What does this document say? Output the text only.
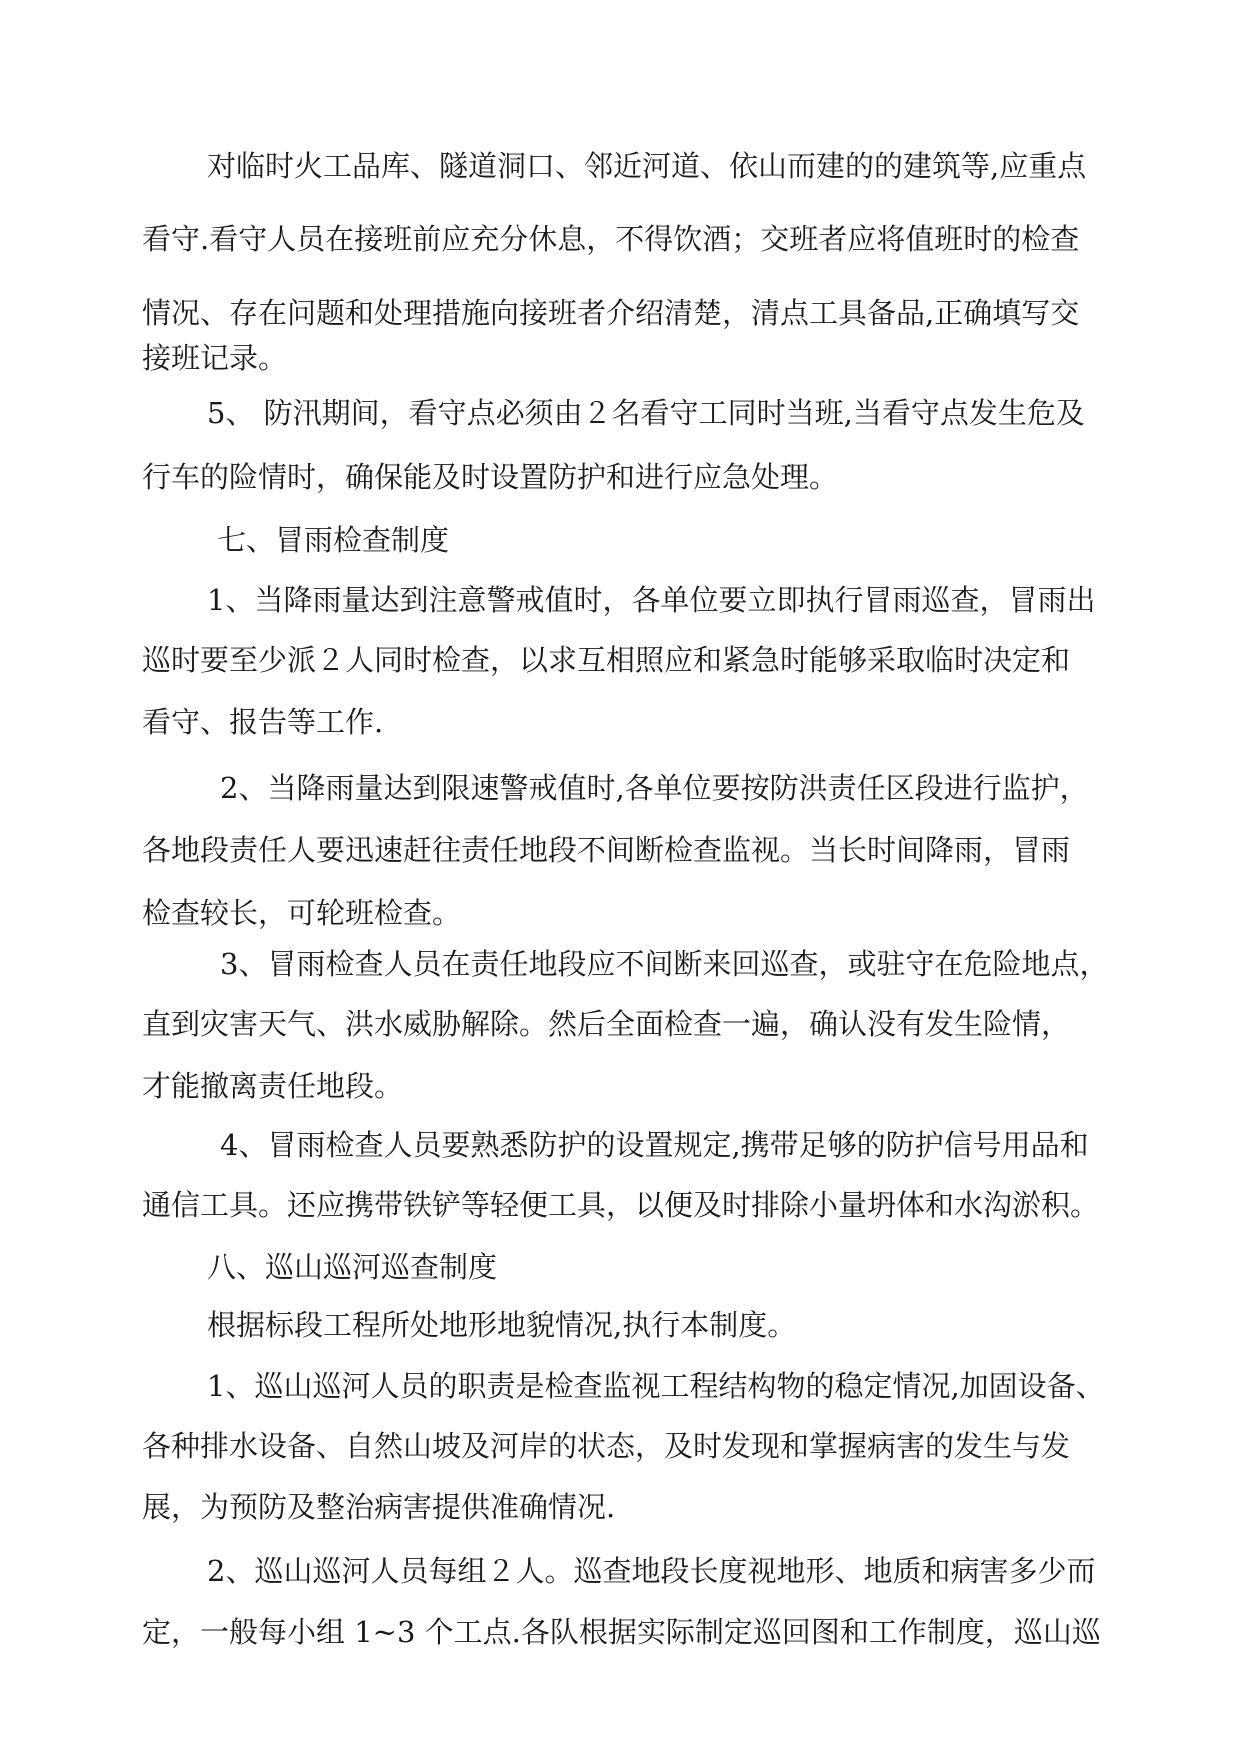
对临时火工品库、隧道洞口、邻近河道、依山而建的的建筑等,应重点

看守.看守人员在接班前应充分休息，不得饮酒；交班者应将值班时的检查

情况、存在问题和处理措施向接班者介绍清楚，清点工具备品,正确填写交

接班记录。

5、 防汛期间，看守点必须由２名看守工同时当班,当看守点发生危及

行车的险情时，确保能及时设置防护和进行应急处理。

七、冒雨检查制度

1、当降雨量达到注意警戒值时，各单位要立即执行冒雨巡查，冒雨出

巡时要至少派２人同时检查，以求互相照应和紧急时能够采取临时决定和

看守、报告等工作.

2、当降雨量达到限速警戒值时,各单位要按防洪责任区段进行监护，

各地段责任人要迅速赶往责任地段不间断检查监视。当长时间降雨，冒雨

检查较长，可轮班检查。

3、冒雨检查人员在责任地段应不间断来回巡查，或驻守在危险地点，

直到灾害天气、洪水威胁解除。然后全面检查一遍，确认没有发生险情，

才能撤离责任地段。

4、冒雨检查人员要熟悉防护的设置规定,携带足够的防护信号用品和

通信工具。还应携带铁铲等轻便工具，以便及时排除小量坍体和水沟淤积。

八、巡山巡河巡查制度

根据标段工程所处地形地貌情况,执行本制度。

1、巡山巡河人员的职责是检查监视工程结构物的稳定情况,加固设备、

各种排水设备、自然山坡及河岸的状态，及时发现和掌握病害的发生与发

展，为预防及整治病害提供准确情况.

2、巡山巡河人员每组２人。巡查地段长度视地形、地质和病害多少而

定，一般每小组 1~3 个工点.各队根据实际制定巡回图和工作制度，巡山巡
